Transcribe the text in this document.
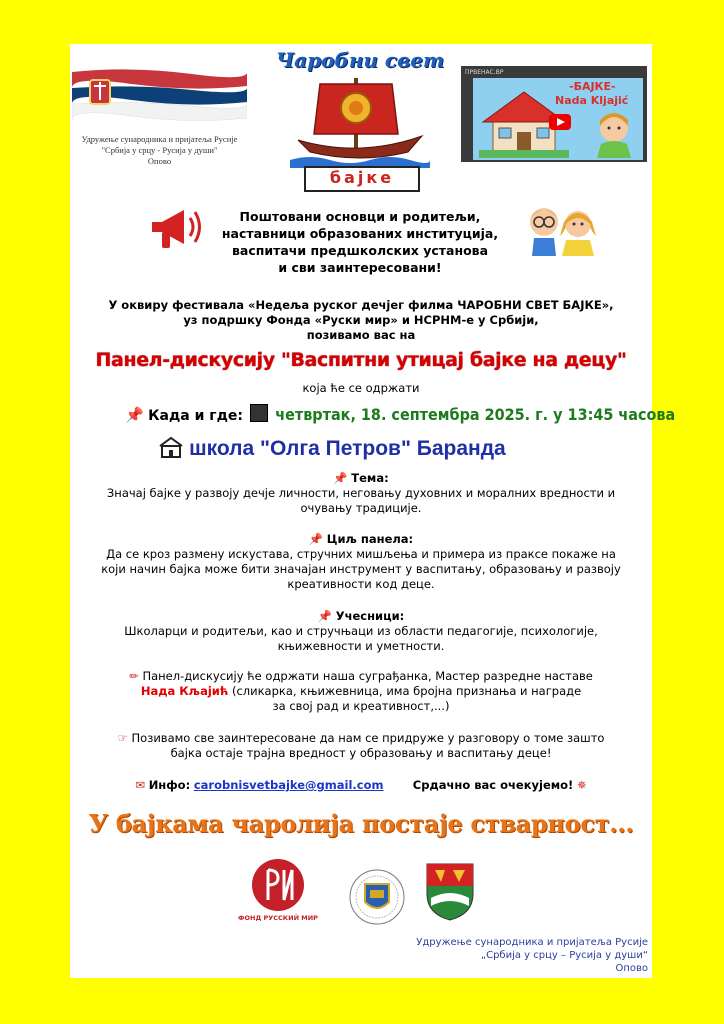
Удружење сународника и пријатеља Русије
"Србија у срцу - Русија у души"
Опово
Чаробни свет
бајке
ПРВЕНАС.ВР
-БАЈКЕ-
Nada Kljajić
Поштовани основци и родитељи,
наставници образованих институција,
васпитачи предшколских установа
и сви заинтересовани!
У оквиру фестивала «Недеља руског дечјег филма ЧАРОБНИ СВЕТ БАЈКЕ»,
уз подршку Фонда «Руски мир» и НСРНМ-е у Србији,
позивамо вас на
Панел-дискусију "Васпитни утицај бајке на децу"
која ће се одржати
📌 Када и где: четвртак, 18. септембра 2025. г. у 13:45 часова
школа "Олга Петров" Баранда
📌 Тема:
Значај бајке у развоју дечје личности, неговању духовних и моралних вредности и
очувању традиције.
📌 Циљ панела:
Да се кроз размену искустава, стручних мишљења и примера из праксе покаже на
који начин бајка може бити значајан инструмент у васпитању, образовању и развоју
креативности код деце.
📌 Учесници:
Школарци и родитељи, као и стручњаци из области педагогије, психологије,
књижевности и уметности.
✏ Панел-дискусију ће одржати наша суграђанка, Мастер разредне наставе
Нада Кљајић (сликарка, књижевница, има бројна признања и награде
за свој рад и креативност,...)
☞ Позивамо све заинтересоване да нам се придруже у разговору о томе зашто
бајка остаје трајна вредност у образовању и васпитању деце!
✉ Инфо: carobnisvetbajke@gmail.com	Срдачно вас очекујемо! ✵
У бајкама чаролија постаје стварност...
ФОНД РУССКИЙ МИР
Удружење сународника и пријатеља Русије
„Србија у срцу – Русија у души“
Опово
